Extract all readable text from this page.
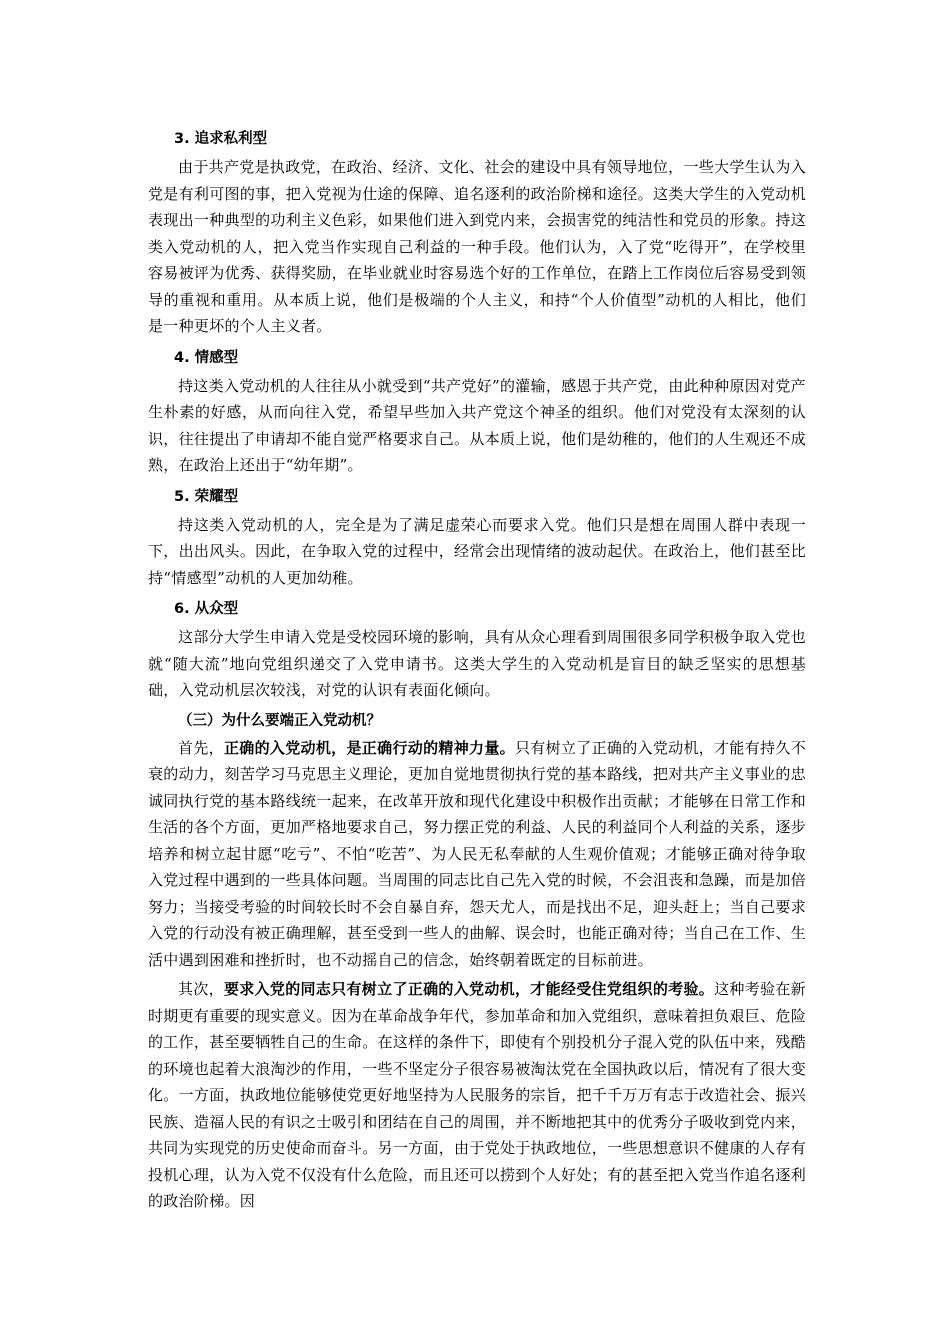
3. 追求私利型

由于共产党是执政党，在政治、经济、文化、社会的建设中具有领导地位，一些大学生认为入党是有利可图的事，把入党视为仕途的保障、追名逐利的政治阶梯和途径。这类大学生的入党动机表现出一种典型的功利主义色彩，如果他们进入到党内来，会损害党的纯洁性和党员的形象。持这类入党动机的人，把入党当作实现自己利益的一种手段。他们认为，入了党“吃得开”，在学校里容易被评为优秀、获得奖励，在毕业就业时容易选个好的工作单位，在踏上工作岗位后容易受到领导的重视和重用。从本质上说，他们是极端的个人主义，和持“个人价值型”动机的人相比，他们是一种更坏的个人主义者。

4. 情感型

持这类入党动机的人往往从小就受到“共产党好”的灌输，感恩于共产党，由此种种原因对党产生朴素的好感，从而向往入党，希望早些加入共产党这个神圣的组织。他们对党没有太深刻的认识，往往提出了申请却不能自觉严格要求自己。从本质上说，他们是幼稚的，他们的人生观还不成熟，在政治上还出于“幼年期”。

5. 荣耀型

持这类入党动机的人，完全是为了满足虚荣心而要求入党。他们只是想在周围人群中表现一下，出出风头。因此，在争取入党的过程中，经常会出现情绪的波动起伏。在政治上，他们甚至比持“情感型”动机的人更加幼稚。

6. 从众型

这部分大学生申请入党是受校园环境的影响，具有从众心理看到周围很多同学积极争取入党也就“随大流”地向党组织递交了入党申请书。这类大学生的入党动机是盲目的缺乏坚实的思想基础，入党动机层次较浅，对党的认识有表面化倾向。

（三）为什么要端正入党动机？

首先，正确的入党动机，是正确行动的精神力量。只有树立了正确的入党动机，才能有持久不衰的动力，刻苦学习马克思主义理论，更加自觉地贯彻执行党的基本路线，把对共产主义事业的忠诚同执行党的基本路线统一起来，在改革开放和现代化建设中积极作出贡献；才能够在日常工作和生活的各个方面，更加严格地要求自己，努力摆正党的利益、人民的利益同个人利益的关系，逐步培养和树立起甘愿“吃亏”、不怕“吃苦”、为人民无私奉献的人生观价值观；才能够正确对待争取入党过程中遇到的一些具体问题。当周围的同志比自己先入党的时候，不会沮丧和急躁，而是加倍努力；当接受考验的时间较长时不会自暴自弃，怨天尤人，而是找出不足，迎头赶上；当自己要求入党的行动没有被正确理解，甚至受到一些人的曲解、误会时，也能正确对待；当自己在工作、生活中遇到困难和挫折时，也不动摇自己的信念，始终朝着既定的目标前进。

其次，要求入党的同志只有树立了正确的入党动机，才能经受住党组织的考验。这种考验在新时期更有重要的现实意义。因为在革命战争年代，参加革命和加入党组织，意味着担负艰巨、危险的工作，甚至要牺牲自己的生命。在这样的条件下，即使有个别投机分子混入党的队伍中来，残酷的环境也起着大浪淘沙的作用，一些不坚定分子很容易被淘汰党在全国执政以后，情况有了很大变化。一方面，执政地位能够使党更好地坚持为人民服务的宗旨，把千千万万有志于改造社会、振兴民族、造福人民的有识之士吸引和团结在自己的周围，并不断地把其中的优秀分子吸收到党内来，共同为实现党的历史使命而奋斗。另一方面，由于党处于执政地位，一些思想意识不健康的人存有投机心理，认为入党不仅没有什么危险，而且还可以捞到个人好处；有的甚至把入党当作追名逐利的政治阶梯。因
